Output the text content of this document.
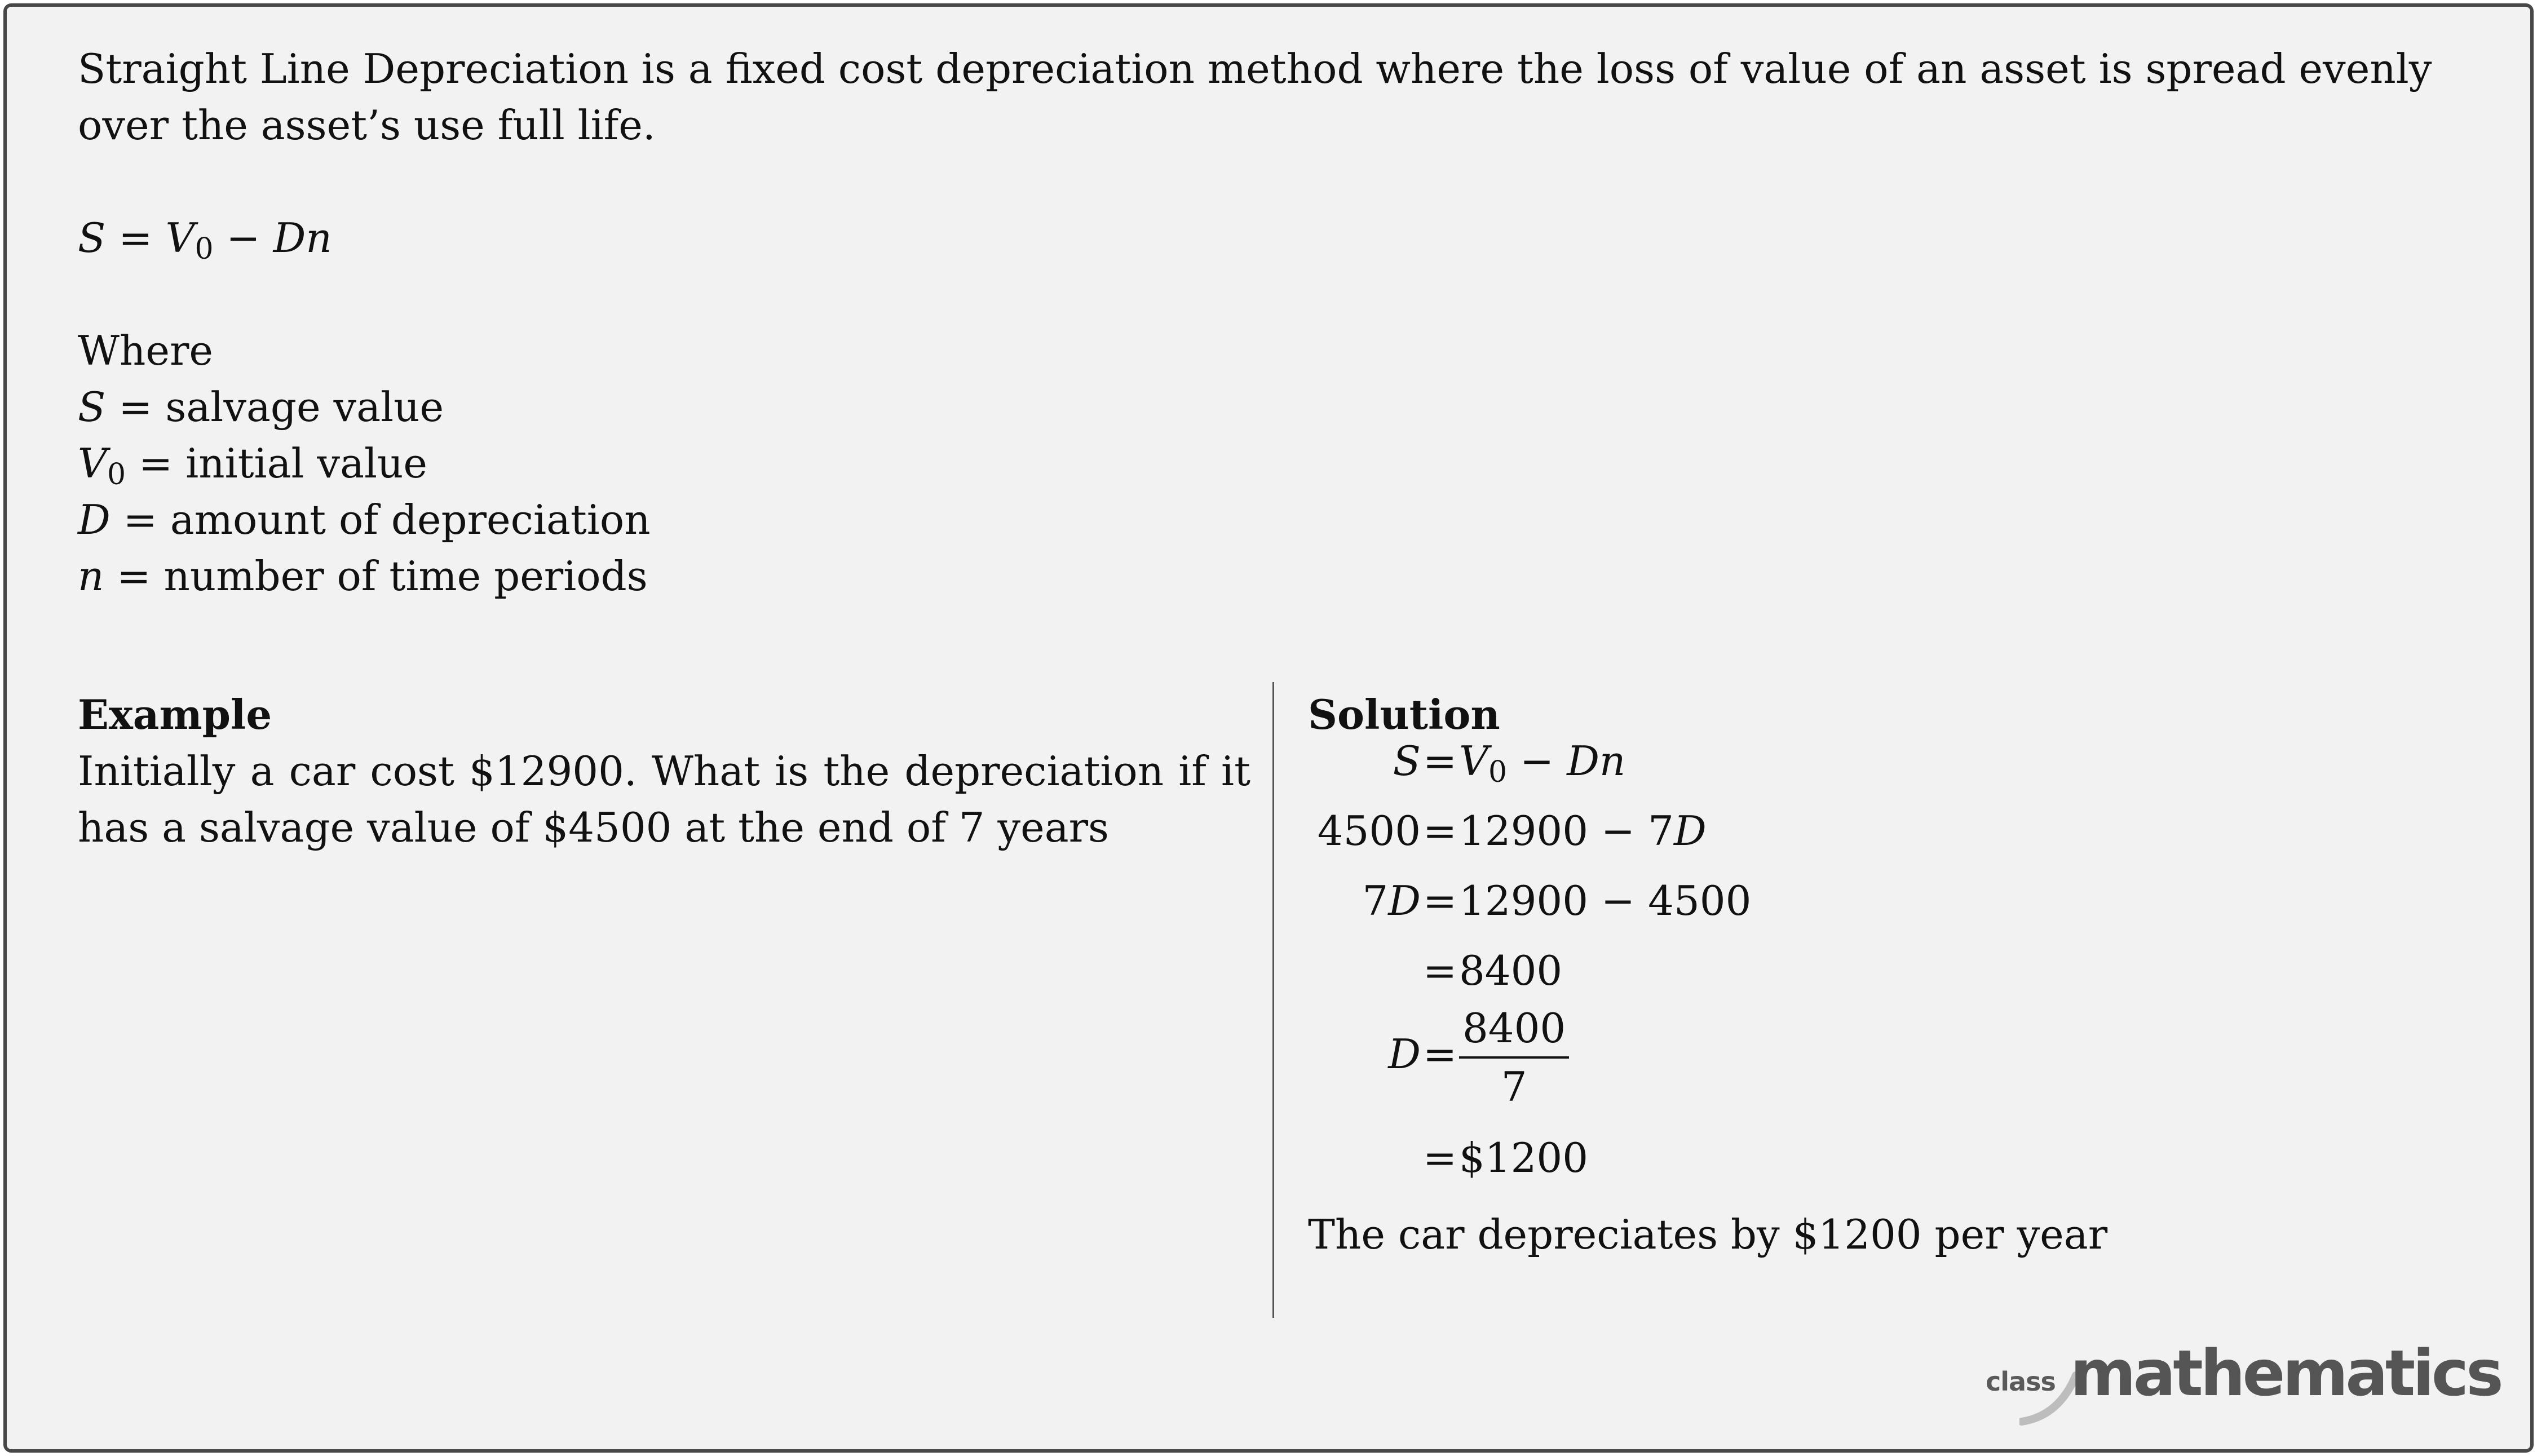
Straight Line Depreciation is a fixed cost depreciation method where the loss of value of an asset is spread evenly over the asset’s use full life.
$S = V_0 - Dn$
Where
S = salvage value
$V_0$ = initial value
D = amount of depreciation
n = number of time periods
Example
Initially a car cost $12900. What is the depreciation if it has a salvage value of $4500 at the end of 7 years
Solution
$S=V_0 - Dn$
4500=12900 − 7D
7D=12900 − 4500
=8400
$D= \frac{8400}{7}$
=$1200
The car depreciates by $1200 per year
class mathematics
